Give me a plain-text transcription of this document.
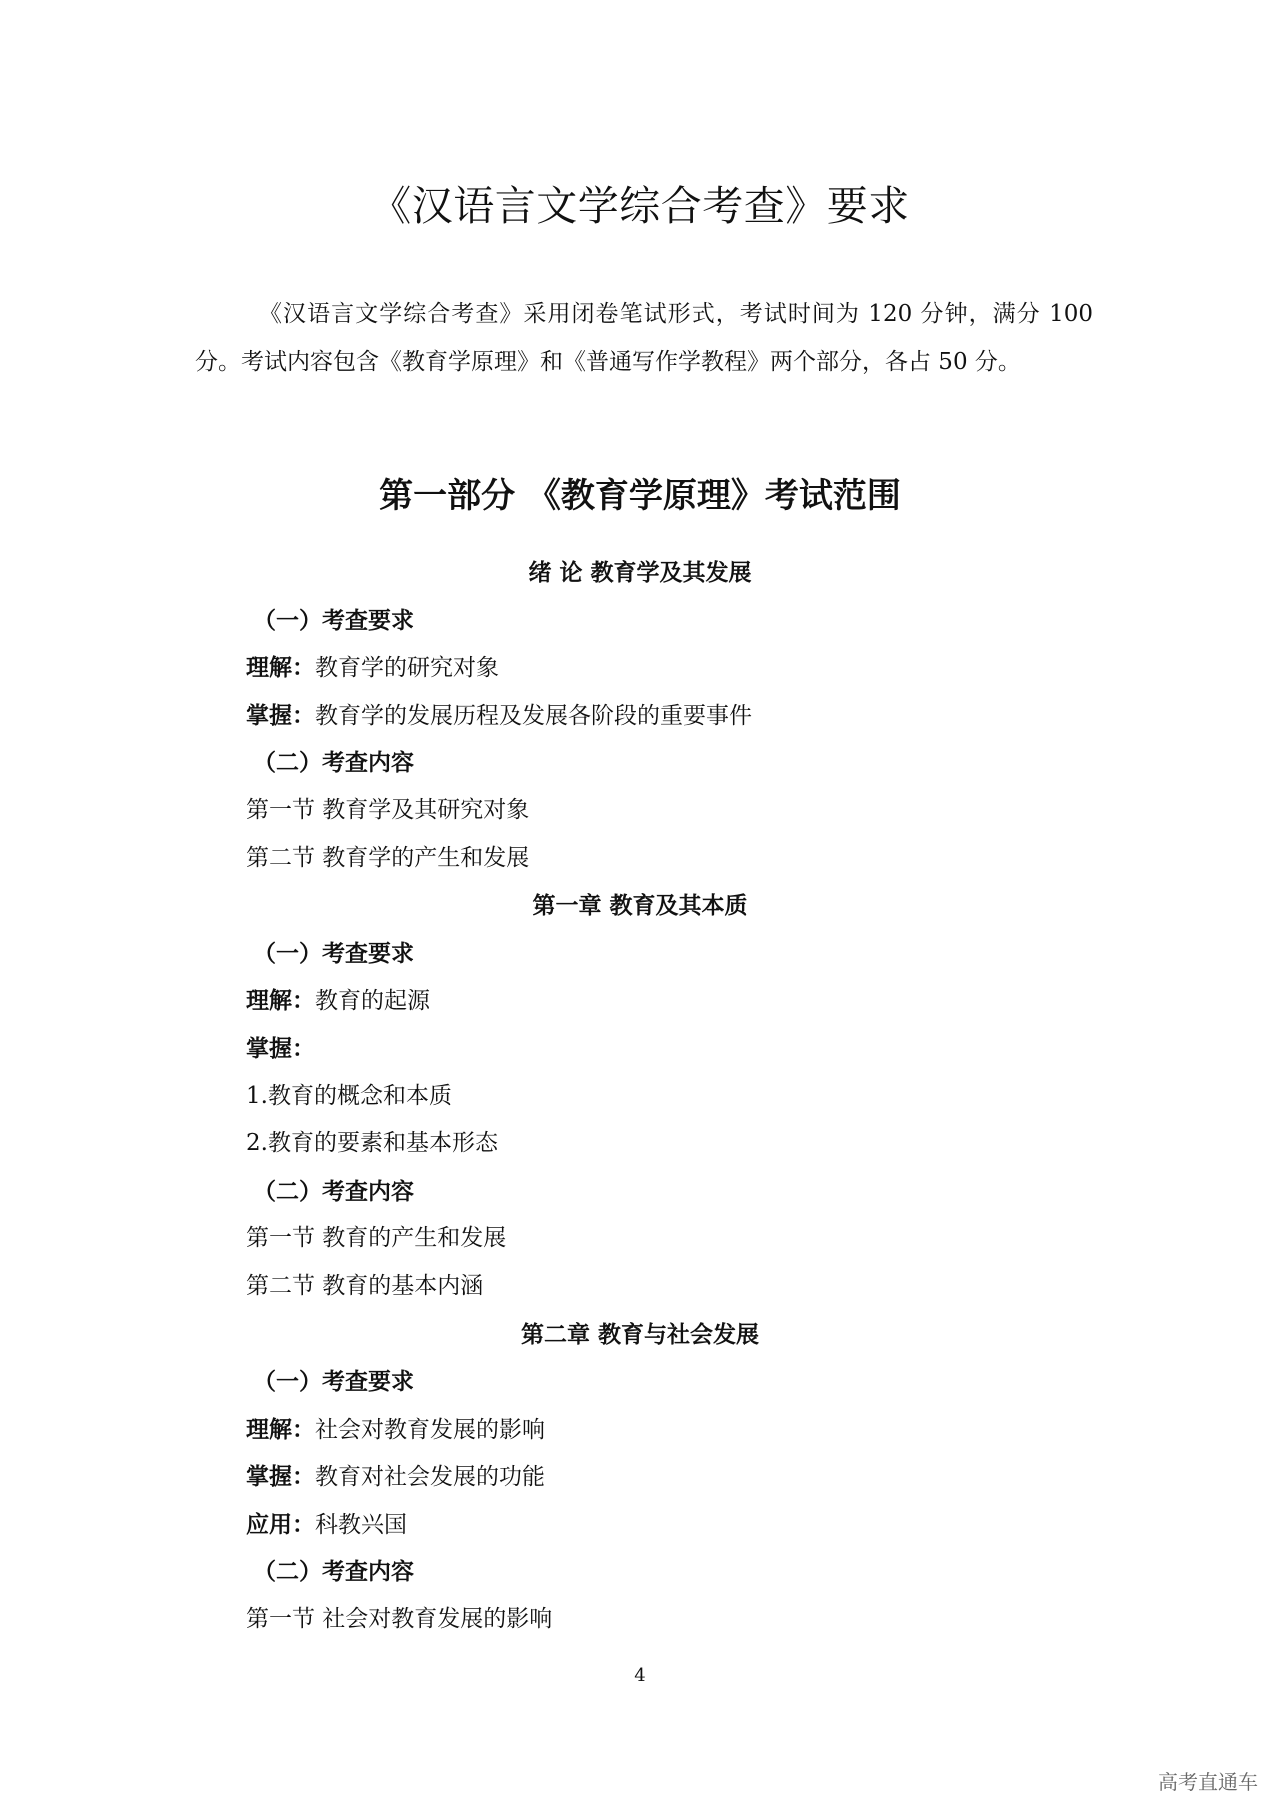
《汉语言文学综合考查》要求

《汉语言文学综合考查》采用闭卷笔试形式，考试时间为 120 分钟，满分 100 分。考试内容包含《教育学原理》和《普通写作学教程》两个部分，各占 50 分。

第一部分 《教育学原理》考试范围
绪 论 教育学及其发展
（一）考查要求
理解：教育学的研究对象
掌握：教育学的发展历程及发展各阶段的重要事件
（二）考查内容
第一节 教育学及其研究对象
第二节 教育学的产生和发展
第一章 教育及其本质
（一）考查要求
理解：教育的起源
掌握：
1.教育的概念和本质
2.教育的要素和基本形态
（二）考查内容
第一节 教育的产生和发展
第二节 教育的基本内涵
第二章 教育与社会发展
（一）考查要求
理解：社会对教育发展的影响
掌握：教育对社会发展的功能
应用：科教兴国
（二）考查内容
第一节 社会对教育发展的影响
4
高考直通车
